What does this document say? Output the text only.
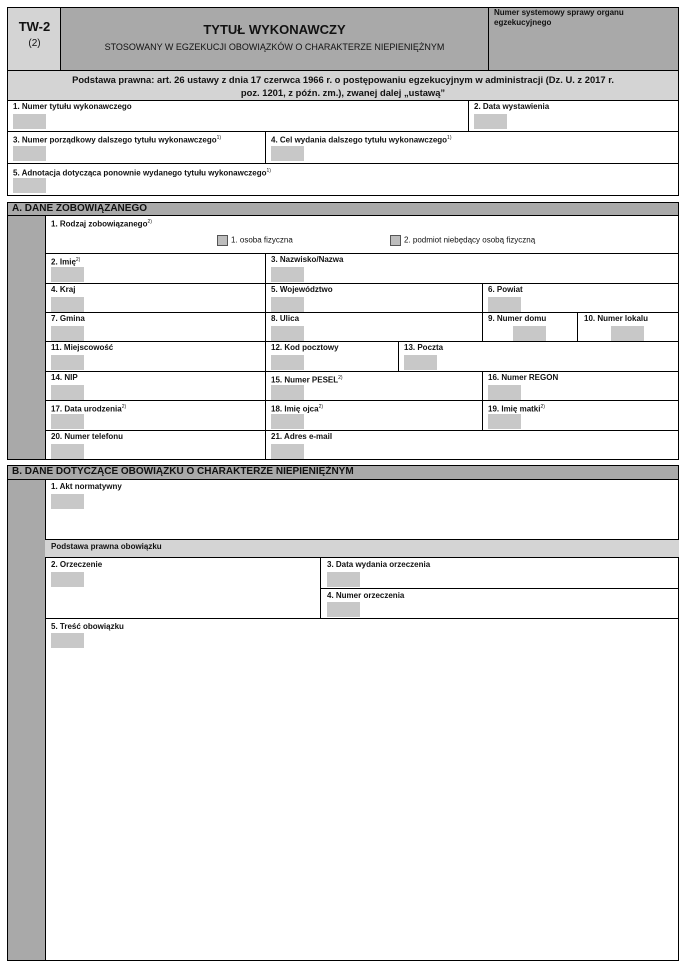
TW-2
(2)
TYTUŁ WYKONAWCZY
STOSOWANY W EGZEKUCJI OBOWIĄZKÓW O CHARAKTERZE NIEPIENIĘŻNYM
Numer systemowy sprawy organu egzekucyjnego
Podstawa prawna: art. 26 ustawy z dnia 17 czerwca 1966 r. o postępowaniu egzekucyjnym w administracji (Dz. U. z 2017 r.
poz. 1201, z późn. zm.), zwanej dalej „ustawą”
1. Numer tytułu wykonawczego	2. Data wystawienia
3. Numer porządkowy dalszego tytułu wykonawczego$^{1)}$	4. Cel wydania dalszego tytułu wykonawczego$^{1)}$
5. Adnotacja dotycząca ponownie wydanego tytułu wykonawczego$^{1)}$
A. DANE ZOBOWIĄZANEGO
1. Rodzaj zobowiązanego$^{2)}$
1. osoba fizyczna	2. podmiot niebędący osobą fizyczną
2. Imię$^{2)}$	3. Nazwisko/Nazwa
4. Kraj	5. Województwo	6. Powiat
7. Gmina	8. Ulica	9. Numer domu	10. Numer lokalu
11. Miejscowość	12. Kod pocztowy	13. Poczta
14. NIP	15. Numer PESEL$^{2)}$	16. Numer REGON
17. Data urodzenia$^{2)}$	18. Imię ojca$^{2)}$	19. Imię matki$^{2)}$
20. Numer telefonu	21. Adres e-mail
B. DANE DOTYCZĄCE OBOWIĄZKU O CHARAKTERZE NIEPIENIĘŻNYM
1. Akt normatywny
Podstawa prawna obowiązku
2. Orzeczenie	3. Data wydania orzeczenia
4. Numer orzeczenia
5. Treść obowiązku
